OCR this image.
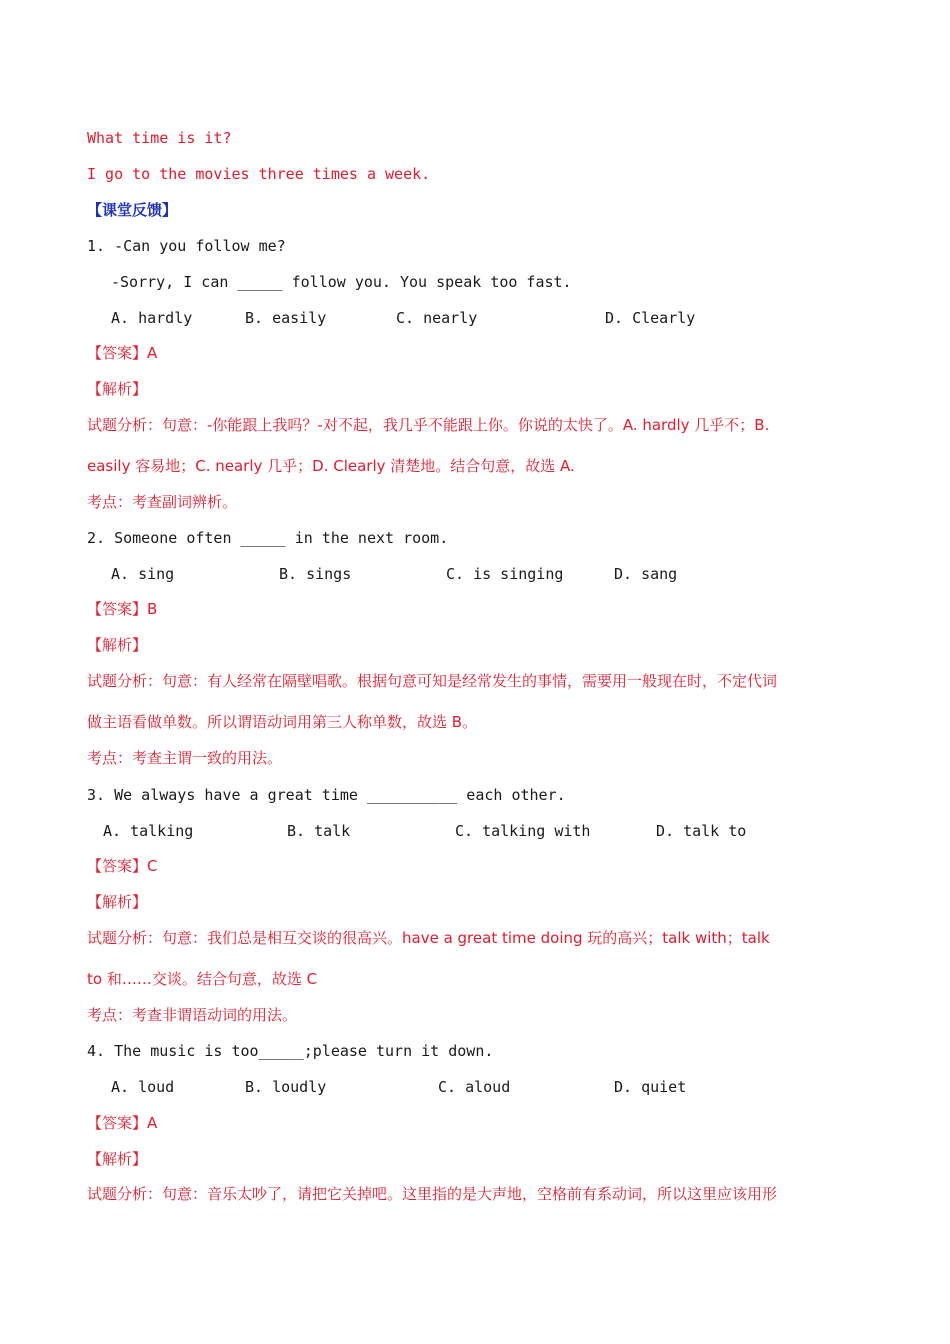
What time is it?
I go to the movies three times a week.
【课堂反馈】
1. -Can you follow me?
-Sorry, I can _____ follow you. You speak too fast.
A. hardly	B. easily	C. nearly	D. Clearly
【答案】A
【解析】
试题分析：句意：-你能跟上我吗？-对不起，我几乎不能跟上你。你说的太快了。A. hardly 几乎不；B.
easily 容易地；C. nearly 几乎；D. Clearly 清楚地。结合句意，故选 A.
考点：考查副词辨析。
2. Someone often _____ in the next room.
A. sing	B. sings	C. is singing	D. sang
【答案】B
【解析】
试题分析：句意：有人经常在隔壁唱歌。根据句意可知是经常发生的事情，需要用一般现在时，不定代词
做主语看做单数。所以谓语动词用第三人称单数，故选 B。
考点：考查主谓一致的用法。
3. We always have a great time __________ each other.
A. talking	B. talk	C. talking with	D. talk to
【答案】C
【解析】
试题分析：句意：我们总是相互交谈的很高兴。have a great time doing 玩的高兴；talk with；talk
to 和……交谈。结合句意，故选 C
考点：考查非谓语动词的用法。
4. The music is too_____;please turn it down.
A. loud	B. loudly	C. aloud	D. quiet
【答案】A
【解析】
试题分析：句意：音乐太吵了，请把它关掉吧。这里指的是大声地，空格前有系动词，所以这里应该用形
